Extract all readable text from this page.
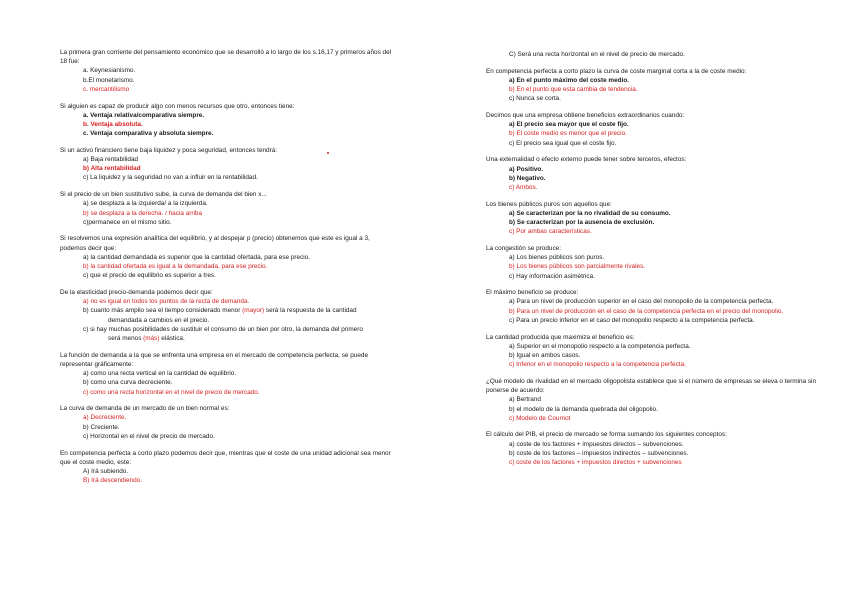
La primera gran corriente del pensamiento económico que se desarrolló a lo largo de los s.16,17 y primeros años del 18 fue:

a. Keynesianismo.

b.El monetarismo.

c. mercantilismo

Si alguien es capaz de producir algo con menos recursos que otro, entonces tiene:

a. Ventaja relativa/comparativa siempre.

b. Ventaja absoluta.

c. Ventaja comparativa y absoluta siempre.

Si un activo financiero tiene baja liquidez y poca seguridad, entonces tendrá:

a) Baja rentabilidad

b) Alta rentabilidad

c) La liquidez y la seguridad no van a influir en la rentabilidad.

Si el precio de un bien sustitutivo sube, la curva de demanda del bien x...

a) se desplaza a la izquierda/ a la izquierda.

b) se desplaza a la derecha. / hacia arriba

c)permanece en el mismo sitio.

Si resolvemos una expresión analítica del equilibrio, y al despejar p (precio) obtenemos que este es igual a 3, podemos decir que:

a) la cantidad demandada es superior que la cantidad ofertada, para ese precio.

b) la cantidad ofertada es igual a la demandada, para ese precio.

c) que el precio de equilibrio es superior a tres.

De la elasticidad precio-demanda podemos decir que:

a) no es igual en todos los puntos de la recta de demanda.

b) cuanto más amplio sea el tiempo considerado menor (mayor) será la respuesta de la cantidad

demandada a cambios en el precio.

c) si hay muchas posibilidades de sustituir el consumo de un bien por otro, la demanda del primero

será menos (más) elástica.

La función de demanda a la que se enfrenta una empresa en el mercado de competencia perfecta, se puede representar gráficamente:

a) como una recta vertical en la cantidad de equilibrio.

b) como una curva decreciente.

c) como una recta horizontal en el nivel de precio de mercado.

La curva de demanda de un mercado de un bien normal es:

a) Decreciente.

b) Creciente.

c) Horizontal en el nivel de precio de mercado.

En competencia perfecta a corto plazo podemos decir que, mientras que el coste de una unidad adicional sea menor que el coste medio, este:

A) Irá subiendo.

B) Irá descendiendo.

C) Será una recta horizontal en el nivel de precio de mercado.

En competencia perfecta a corto plazo la curva de coste marginal corta a la de coste medio:

a) En el punto máximo del coste medio.

b) En el punto que esta cambia de tendencia.

c) Nunca se corta.

Decimos que una empresa obtiene beneficios extraordinarios cuando:

a) El precio sea mayor que el coste fijo.

b) El coste medio es menor que el precio.

c) El precio sea igual que el coste fijo.

Una externalidad o efecto externo puede tener sobre terceros, efectos:

a) Positivo.

b) Negativo.

c) Ambos.

Los bienes públicos puros son aquellos que:

a) Se caracterizan por la no rivalidad de su consumo.

b) Se caracterizan por la ausencia de exclusión.

c) Por ambas características.

La congestión se produce:

a) Los bienes públicos son puros.

b) Los bienes públicos son parcialmente rivales.

c) Hay información asimétrica.

El máximo beneficio se produce:

a) Para un nivel de producción superior en el caso del monopolio de la competencia perfecta.

b) Para un nivel de producción en el caso de la competencia perfecta en el precio del monopolio.

c) Para un precio inferior en el caso del monopolio respecto a la competencia perfecta.

La cantidad producida que maximiza el beneficio es:

a) Superior en el monopolio respecto a la competencia perfecta.

b) Igual en ambos casos.

c) Inferior en el monopolio respecto a la competencia perfecta.

¿Qué modelo de rivalidad en el mercado oligopolista establece que si el número de empresas se eleva o termina sin ponerse de acuerdo:

a) Bertrand

b) el modelo de la demanda quebrada del oligopolio.

c) Modelo de Cournot

El cálculo del PIB, el precio de mercado se forma sumando los siguientes conceptos:

a) coste de los factores + impuestos directos – subvenciones.

b) coste de los factores – impuestos indirectos – subvenciones.

c) coste de los factores + impuestos directos + subvenciones
